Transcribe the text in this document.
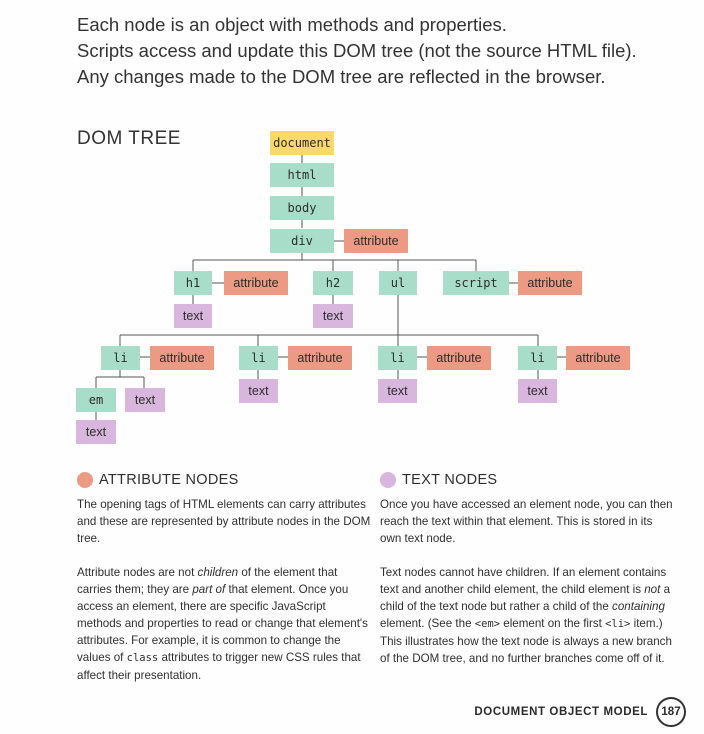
Each node is an object with methods and properties.
Scripts access and update this DOM tree (not the source HTML file).
Any changes made to the DOM tree are reflected in the browser.
DOM TREE	document
html
body
div	attribute
h1	attribute
text
h2
text
ul	script	attribute
li	attribute	li	attribute	li	attribute	li	attribute
em	text
text
text	text	text
ATTRIBUTE NODES	TEXT NODES

The opening tags of HTML elements can carry attributes and these are represented by attribute nodes in the DOM tree.

Attribute nodes are not children of the element that carries them; they are part of that element. Once you access an element, there are specific JavaScript methods and properties to read or change that element's attributes. For example, it is common to change the values of class attributes to trigger new CSS rules that affect their presentation.

Once you have accessed an element node, you can then reach the text within that element. This is stored in its own text node.

Text nodes cannot have children. If an element contains text and another child element, the child element is not a child of the text node but rather a child of the containing element. (See the <em> element on the first <li> item.) This illustrates how the text node is always a new branch of the DOM tree, and no further branches come off of it.

DOCUMENT OBJECT MODEL	187
